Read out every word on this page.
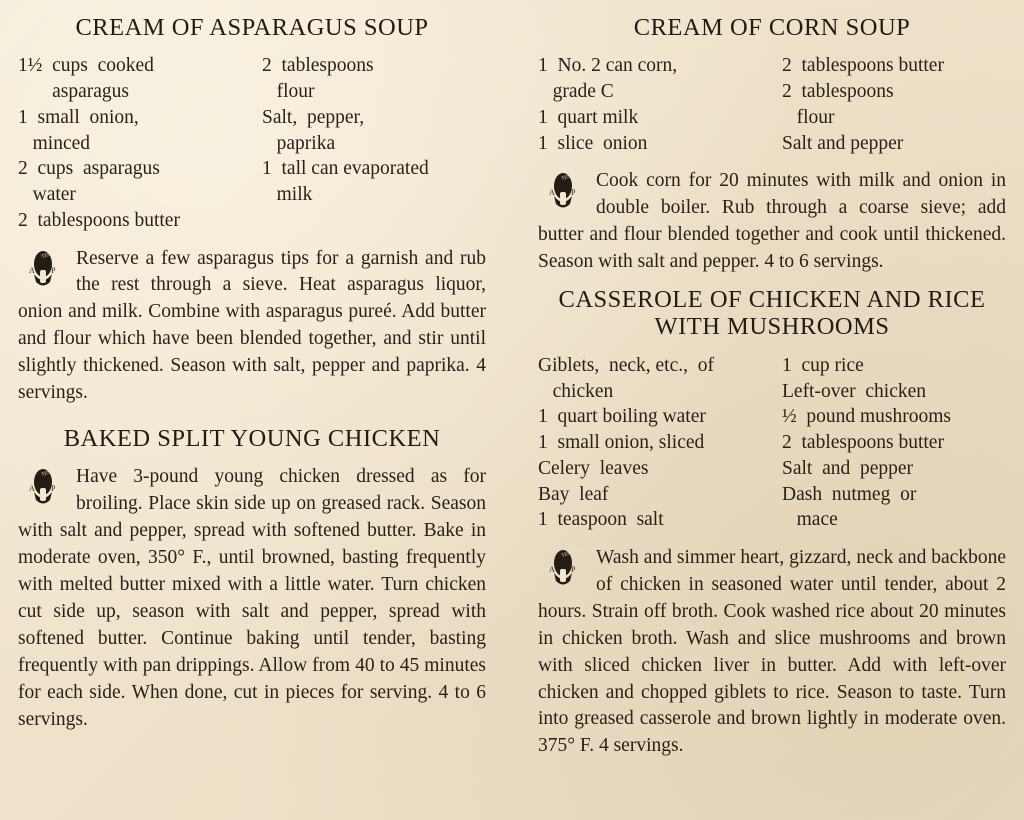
CREAM OF ASPARAGUS SOUP
1½  cups  cooked
asparagus
1  small  onion,
minced
2  cups  asparagus
water
2  tablespoons butter
2  tablespoons
flour
Salt,  pepper,
paprika
1  tall can evaporated
milk

A P
TESTED Reserve a few asparagus tips for a garnish and rub the rest through a sieve. Heat asparagus liquor, onion and milk. Combine with asparagus pureé. Add butter and flour which have been blended together, and stir until slightly thickened. Season with salt, pepper and paprika. 4 servings.

BAKED SPLIT YOUNG CHICKEN

A P
TESTED Have 3-pound young chicken dressed as for broiling. Place skin side up on greased rack. Season with salt and pepper, spread with softened butter. Bake in moderate oven, 350° F., until browned, basting frequently with melted butter mixed with a little water. Turn chicken cut side up, season with salt and pepper, spread with softened butter. Continue baking until tender, basting frequently with pan drippings. Allow from 40 to 45 minutes for each side. When done, cut in pieces for serving. 4 to 6 servings.

CREAM OF CORN SOUP
1  No. 2 can corn,
grade C
1  quart milk
1  slice  onion
2  tablespoons butter
2  tablespoons
flour
Salt and pepper

A P
TESTED Cook corn for 20 minutes with milk and onion in double boiler. Rub through a coarse sieve; add butter and flour blended together and cook until thickened. Season with salt and pepper. 4 to 6 servings.

CASSEROLE OF CHICKEN AND RICE WITH MUSHROOMS
Giblets,  neck, etc.,  of
chicken
1  quart boiling water
1  small onion, sliced
Celery  leaves
Bay  leaf
1  teaspoon  salt
1  cup rice
Left-over  chicken
½  pound mushrooms
2  tablespoons butter
Salt  and  pepper
Dash  nutmeg  or
mace

A P
TESTED Wash and simmer heart, gizzard, neck and backbone of chicken in seasoned water until tender, about 2 hours. Strain off broth. Cook washed rice about 20 minutes in chicken broth. Wash and slice mushrooms and brown with sliced chicken liver in butter. Add with left-over chicken and chopped giblets to rice. Season to taste. Turn into greased casserole and brown lightly in moderate oven. 375° F. 4 servings.
